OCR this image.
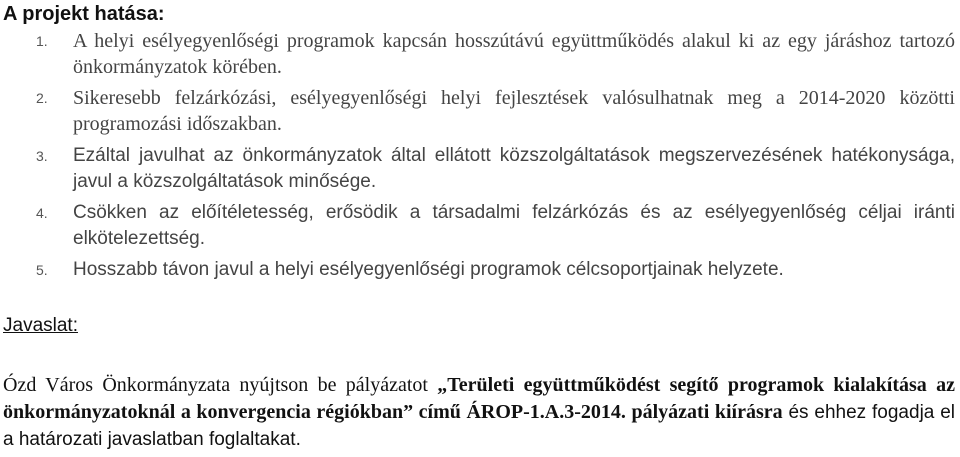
A projekt hatása:
1. A helyi esélyegyenlőségi programok kapcsán hosszútávú együttműködés alakul ki az egy járáshoz tartozó önkormányzatok körében.
2. Sikeresebb felzárkózási, esélyegyenlőségi helyi fejlesztések valósulhatnak meg a 2014-2020 közötti programozási időszakban.
3. Ezáltal javulhat az önkormányzatok által ellátott közszolgáltatások megszervezésének hatékonysága, javul a közszolgáltatások minősége.
4. Csökken az előítéletesség, erősödik a társadalmi felzárkózás és az esélyegyenlőség céljai iránti elkötelezettség.
5. Hosszabb távon javul a helyi esélyegyenlőségi programok célcsoportjainak helyzete.
Javaslat:

Ózd Város Önkormányzata nyújtson be pályázatot „Területi együttműködést segítő programok kialakítása az önkormányzatoknál a konvergencia régiókban” című ÁROP-1.A.3-2014. pályázati kiírásra és ehhez fogadja el a határozati javaslatban foglaltakat.
